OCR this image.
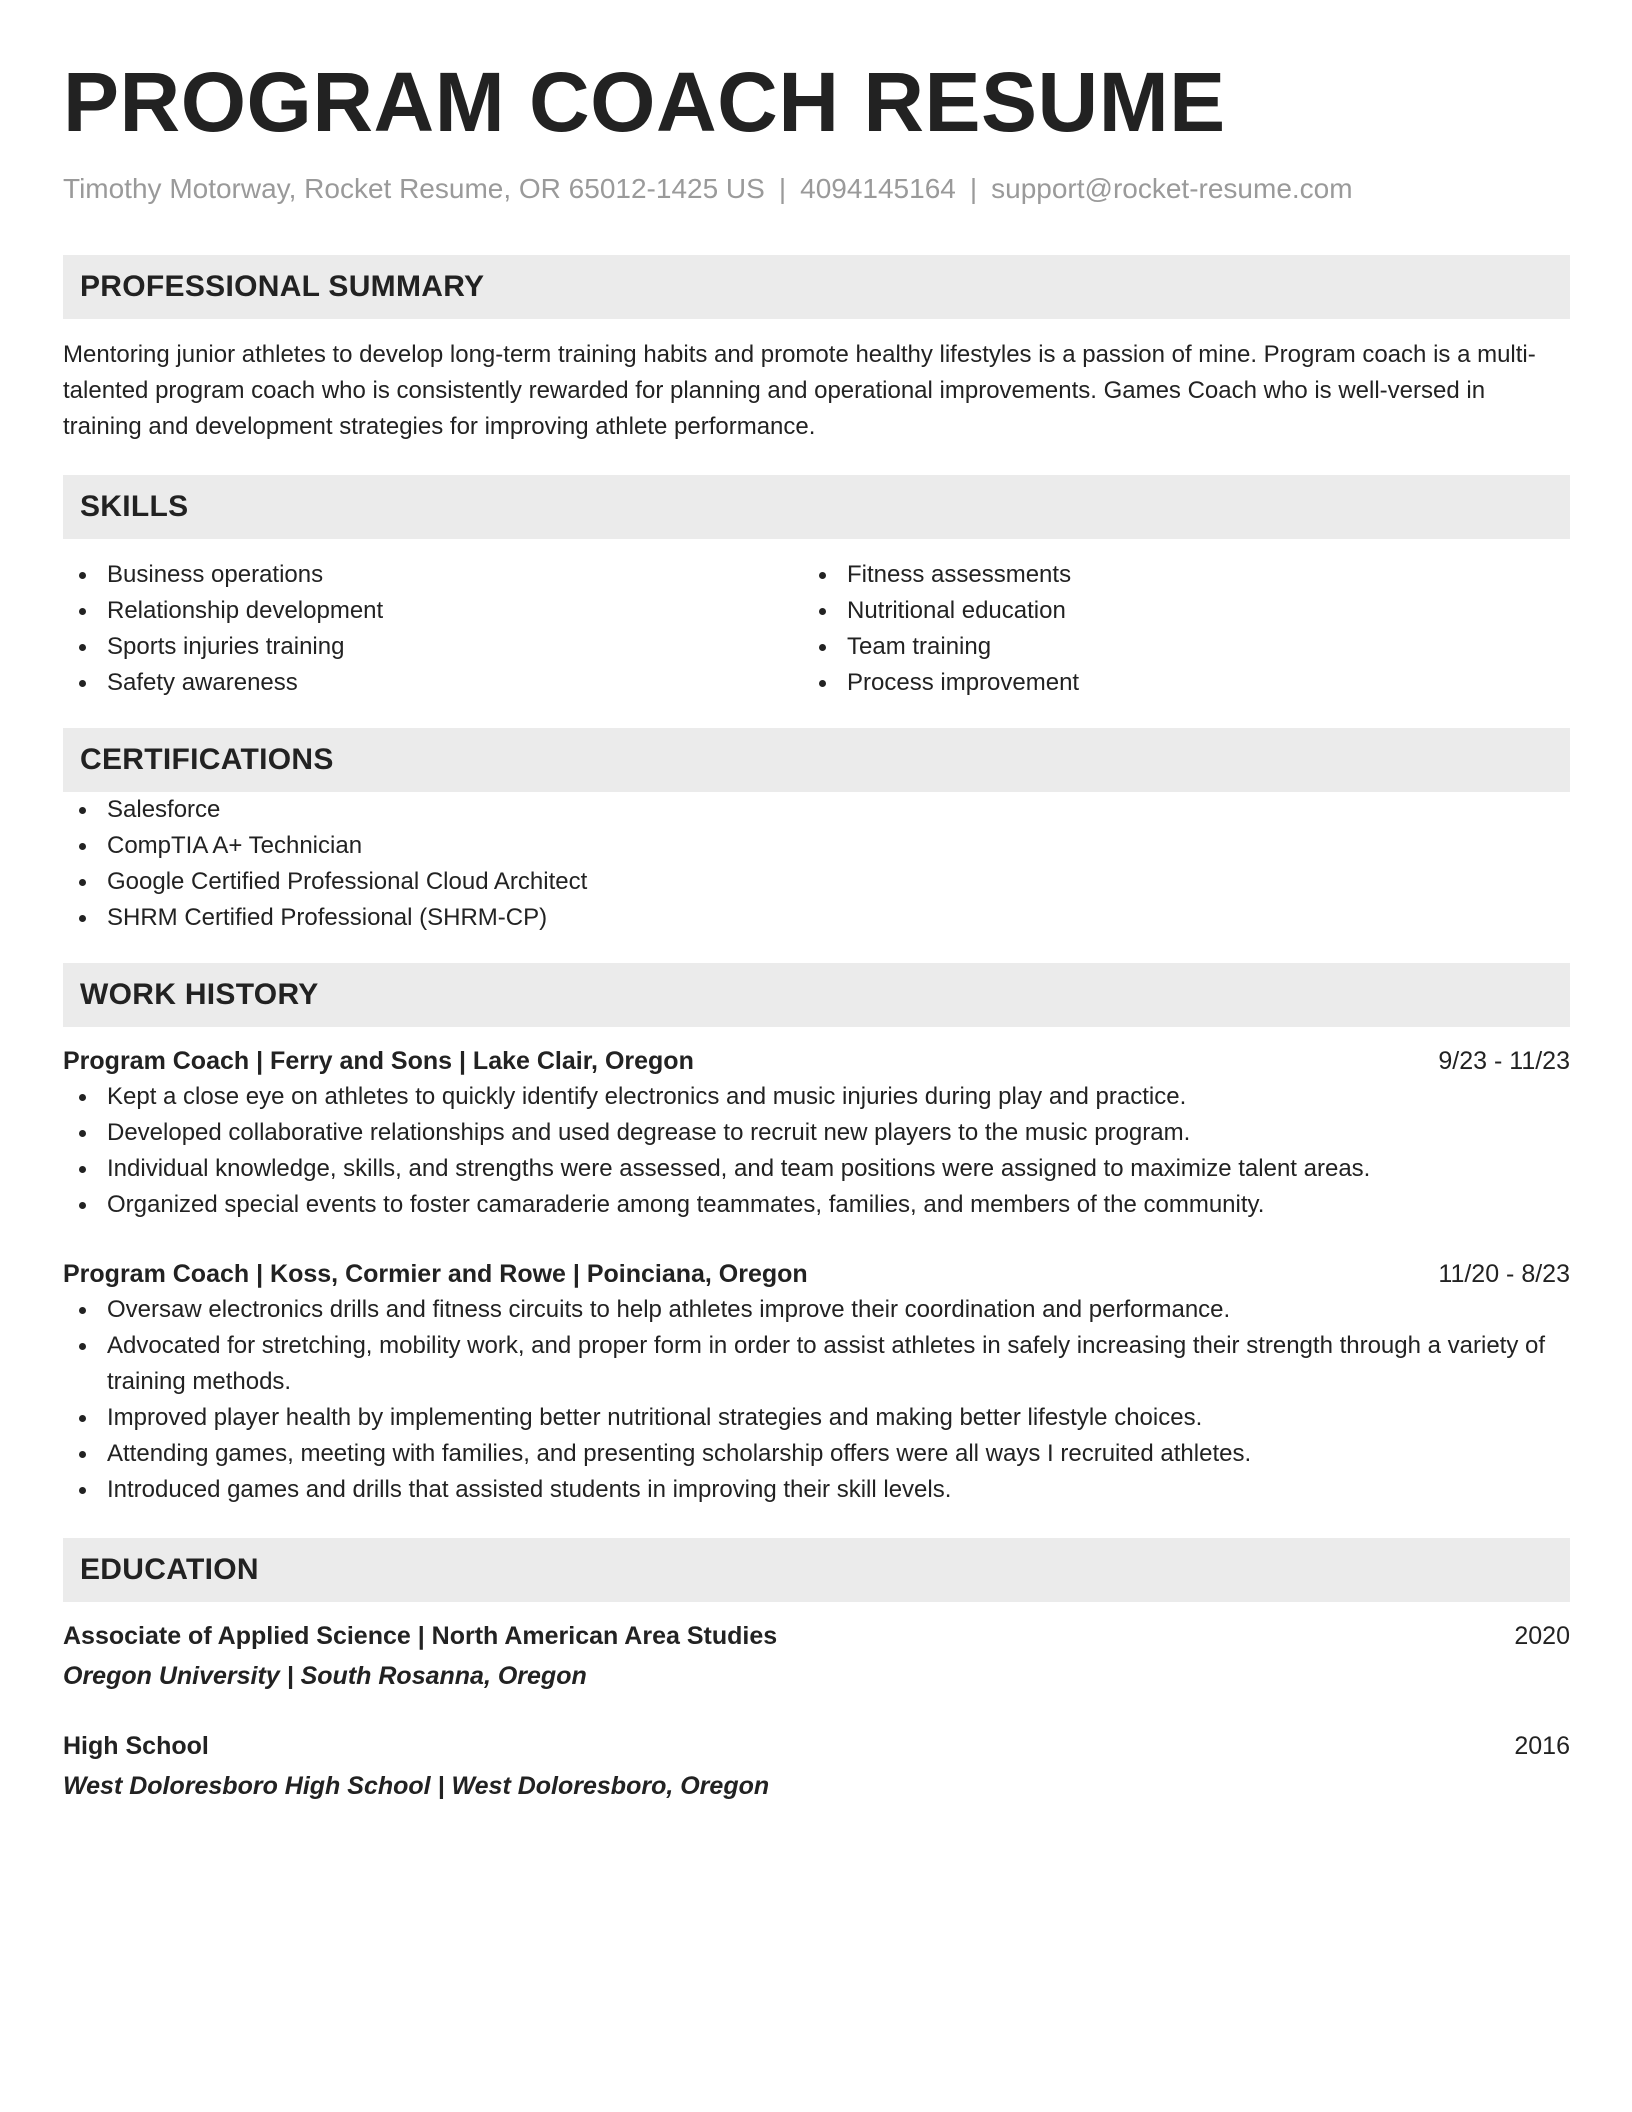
PROGRAM COACH RESUME
Timothy Motorway, Rocket Resume, OR 65012-1425 US | 4094145164 | support@rocket-resume.com
PROFESSIONAL SUMMARY

Mentoring junior athletes to develop long-term training habits and promote healthy lifestyles is a passion of mine. Program coach is a multi-talented program coach who is consistently rewarded for planning and operational improvements. Games Coach who is well-versed in training and development strategies for improving athlete performance.

SKILLS
Business operations
Relationship development
Sports injuries training
Safety awareness
Fitness assessments
Nutritional education
Team training
Process improvement
CERTIFICATIONS
Salesforce
CompTIA A+ Technician
Google Certified Professional Cloud Architect
SHRM Certified Professional (SHRM-CP)
WORK HISTORY
Program Coach | Ferry and Sons | Lake Clair, Oregon	9/23 - 11/23
Kept a close eye on athletes to quickly identify electronics and music injuries during play and practice.
Developed collaborative relationships and used degrease to recruit new players to the music program.
Individual knowledge, skills, and strengths were assessed, and team positions were assigned to maximize talent areas.
Organized special events to foster camaraderie among teammates, families, and members of the community.
Program Coach | Koss, Cormier and Rowe | Poinciana, Oregon	11/20 - 8/23
Oversaw electronics drills and fitness circuits to help athletes improve their coordination and performance.
Advocated for stretching, mobility work, and proper form in order to assist athletes in safely increasing their strength through a variety of training methods.
Improved player health by implementing better nutritional strategies and making better lifestyle choices.
Attending games, meeting with families, and presenting scholarship offers were all ways I recruited athletes.
Introduced games and drills that assisted students in improving their skill levels.
EDUCATION
Associate of Applied Science | North American Area Studies	2020
Oregon University | South Rosanna, Oregon
High School	2016
West Doloresboro High School | West Doloresboro, Oregon
